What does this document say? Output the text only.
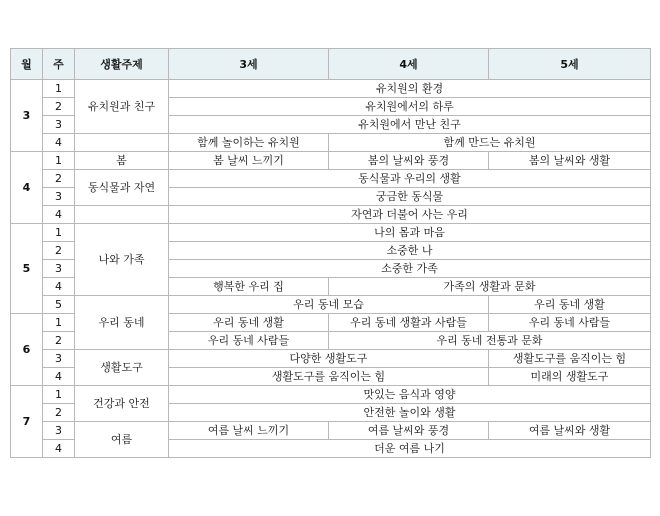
월	주	생활주제	3세	4세	5세
3	1	유치원과 친구	유치원의 환경		
	2		유치원에서의 하루		
	3		유치원에서 만난 친구		
	4		함께 놀이하는 유치원	함께 만드는 유치원	
4	1	봄	봄 날씨 느끼기	봄의 날씨와 풍경	봄의 날씨와 생활
	2	동식물과 자연	동식물과 우리의 생활		
	3		궁금한 동식물		
	4		자연과 더불어 사는 우리		
5	1	나와 가족	나의 몸과 마음		
	2		소중한 나		
	3		소중한 가족		
	4		행복한 우리 집	가족의 생활과 문화	
	5	우리 동네	우리 동네 모습		우리 동네 생활
6	1		우리 동네 생활	우리 동네 생활과 사람들	우리 동네 사람들
	2		우리 동네 사람들	우리 동네 전통과 문화	
	3	생활도구	다양한 생활도구		생활도구를 움직이는 힘
	4		생활도구를 움직이는 힘		미래의 생활도구
7	1	건강과 안전	맛있는 음식과 영양		
	2		안전한 놀이와 생활		
	3	여름	여름 날씨 느끼기	여름 날씨와 풍경	여름 날씨와 생활
	4		더운 여름 나기		
